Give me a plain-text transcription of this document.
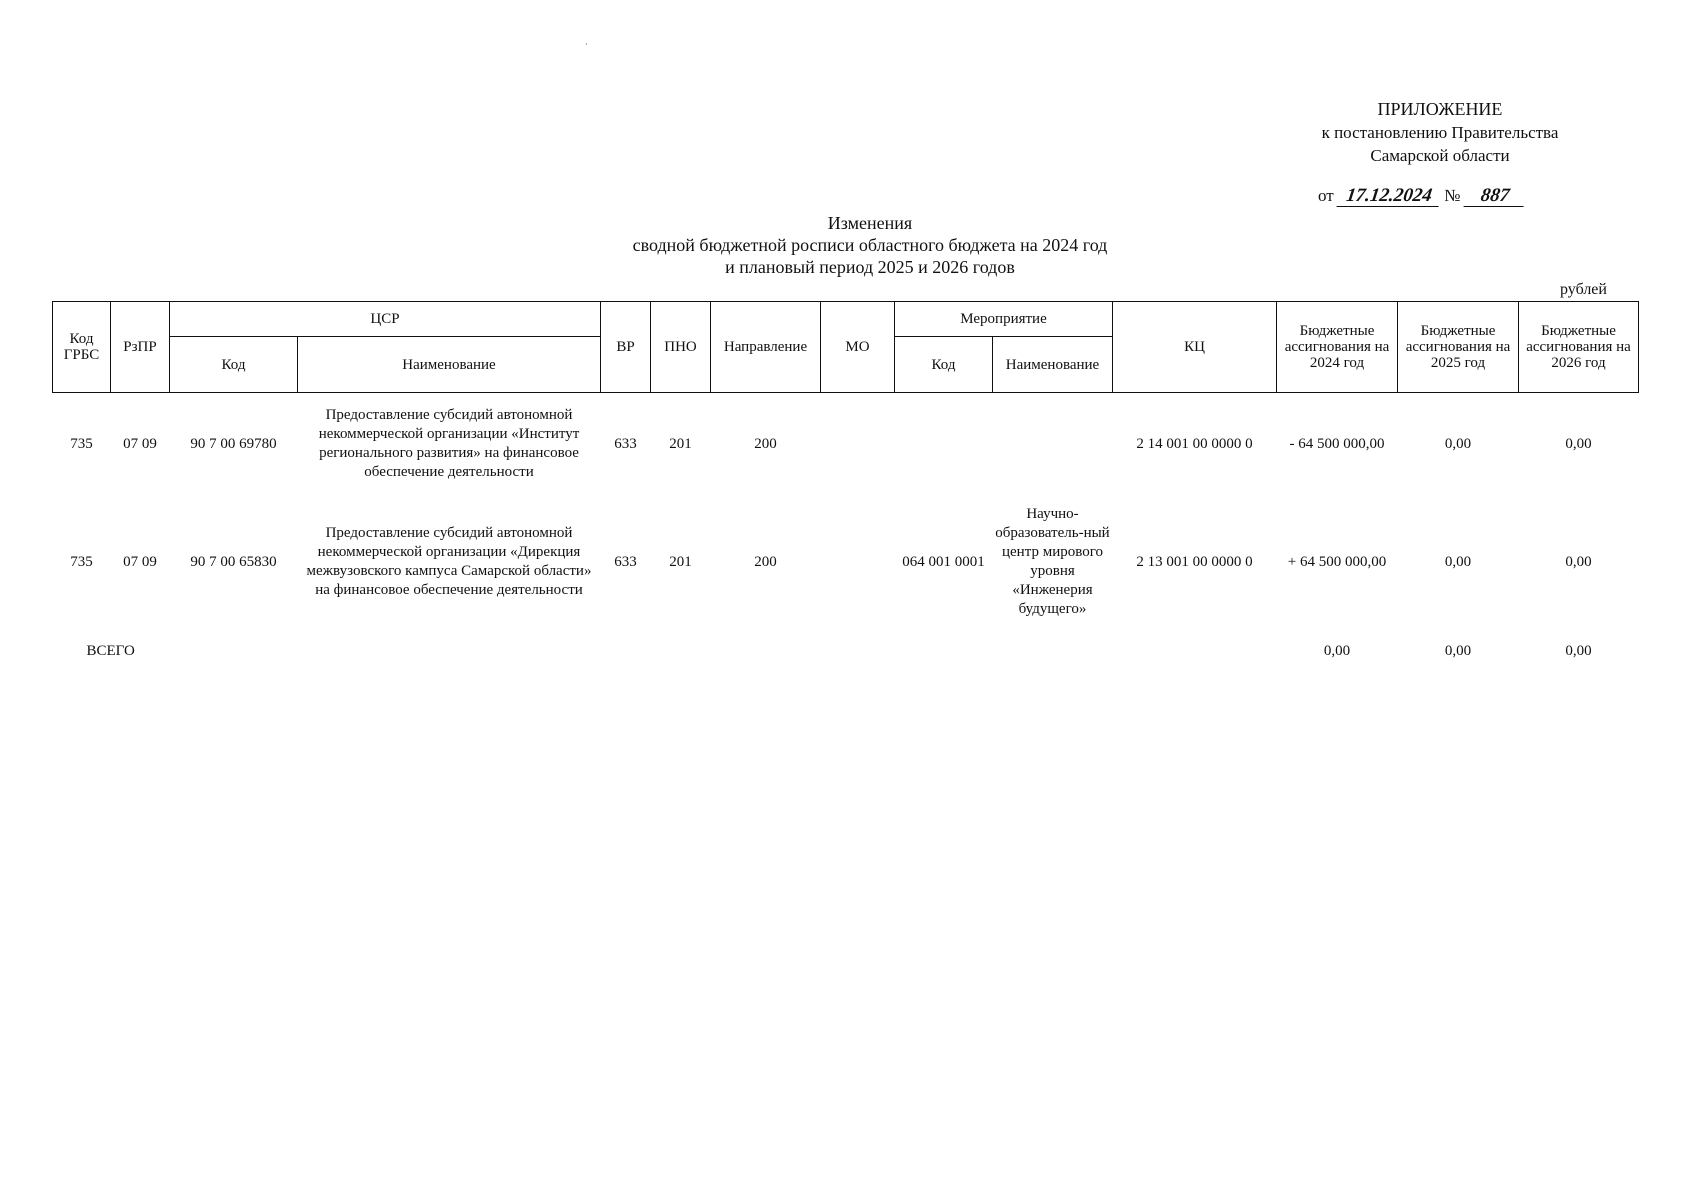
·
ПРИЛОЖЕНИЕ
к постановлению Правительства
Самарской области
от 17.12.2024 № 887
Изменения
сводной бюджетной росписи областного бюджета на 2024 год
и плановый период 2025 и 2026 годов
рублей
Код ГРБС	РзПР	ЦСР		ВР	ПНО	Направление	МО	Мероприятие		КЦ	Бюджетные ассигнования на 2024 год	Бюджетные ассигнования на 2025 год	Бюджетные ассигнования на 2026 год
		Код	Наименование					Код	Наименование				

735	07 09	90 7 00 69780	Предоставление субсидий автономной некоммерческой организации «Институт регионального развития» на финансовое обеспечение деятельности	633	201	200				2 14 001 00 0000 0	- 64 500 000,00	0,00	0,00
735	07 09	90 7 00 65830	Предоставление субсидий автономной некоммерческой организации «Дирекция межвузовского кампуса Самарской области» на финансовое обеспечение деятельности	633	201	200		064 001 0001	Научно-образователь-ный центр мирового уровня «Инженерия будущего»	2 13 001 00 0000 0	+ 64 500 000,00	0,00	0,00
ВСЕГО											0,00	0,00	0,00
